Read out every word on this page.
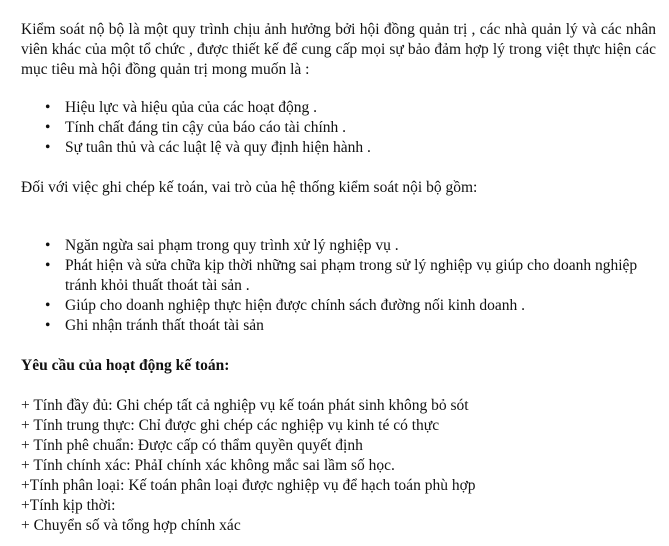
Kiểm soát nộ bộ là một quy trình chịu ảnh hưởng bởi hội đồng quản trị , các nhà quản lý và các nhân viên khác của một tổ chức , được thiết kế để cung cấp mọi sự bảo đảm hợp lý trong việt thực hiện các mục tiêu mà hội đồng quản trị mong muốn là :

• Hiệu lực và hiệu qủa của các hoạt động .
• Tính chất đáng tin cậy của báo cáo tài chính .
• Sự tuân thủ và các luật lệ và quy định hiện hành .

Đối với việc ghi chép kế toán, vai trò của hệ thống kiểm soát nội bộ gồm:

• Ngăn ngừa sai phạm trong quy trình xử lý nghiệp vụ .
• Phát hiện và sửa chữa kịp thời những sai phạm trong sử lý nghiệp vụ giúp cho doanh nghiệp tránh khỏi thuất thoát tài sản .
• Giúp cho doanh nghiệp thực hiện được chính sách đường nối kinh doanh .
• Ghi nhận tránh thất thoát tài sản

Yêu cầu của hoạt động kế toán:

+ Tính đầy đủ: Ghi chép tất cả nghiệp vụ kế toán phát sinh không bỏ sót

+ Tính trung thực: Chỉ được ghi chép các nghiệp vụ kinh té có thực

+ Tính phê chuẩn: Được cấp có thẩm quyền quyết định

+ Tính chính xác: PhảI chính xác không mắc sai lầm số học.

+Tính phân loại: Kế toán phân loại được nghiệp vụ để hạch toán phù hợp

+Tính kịp thời:

+ Chuyển số và tổng hợp chính xác
